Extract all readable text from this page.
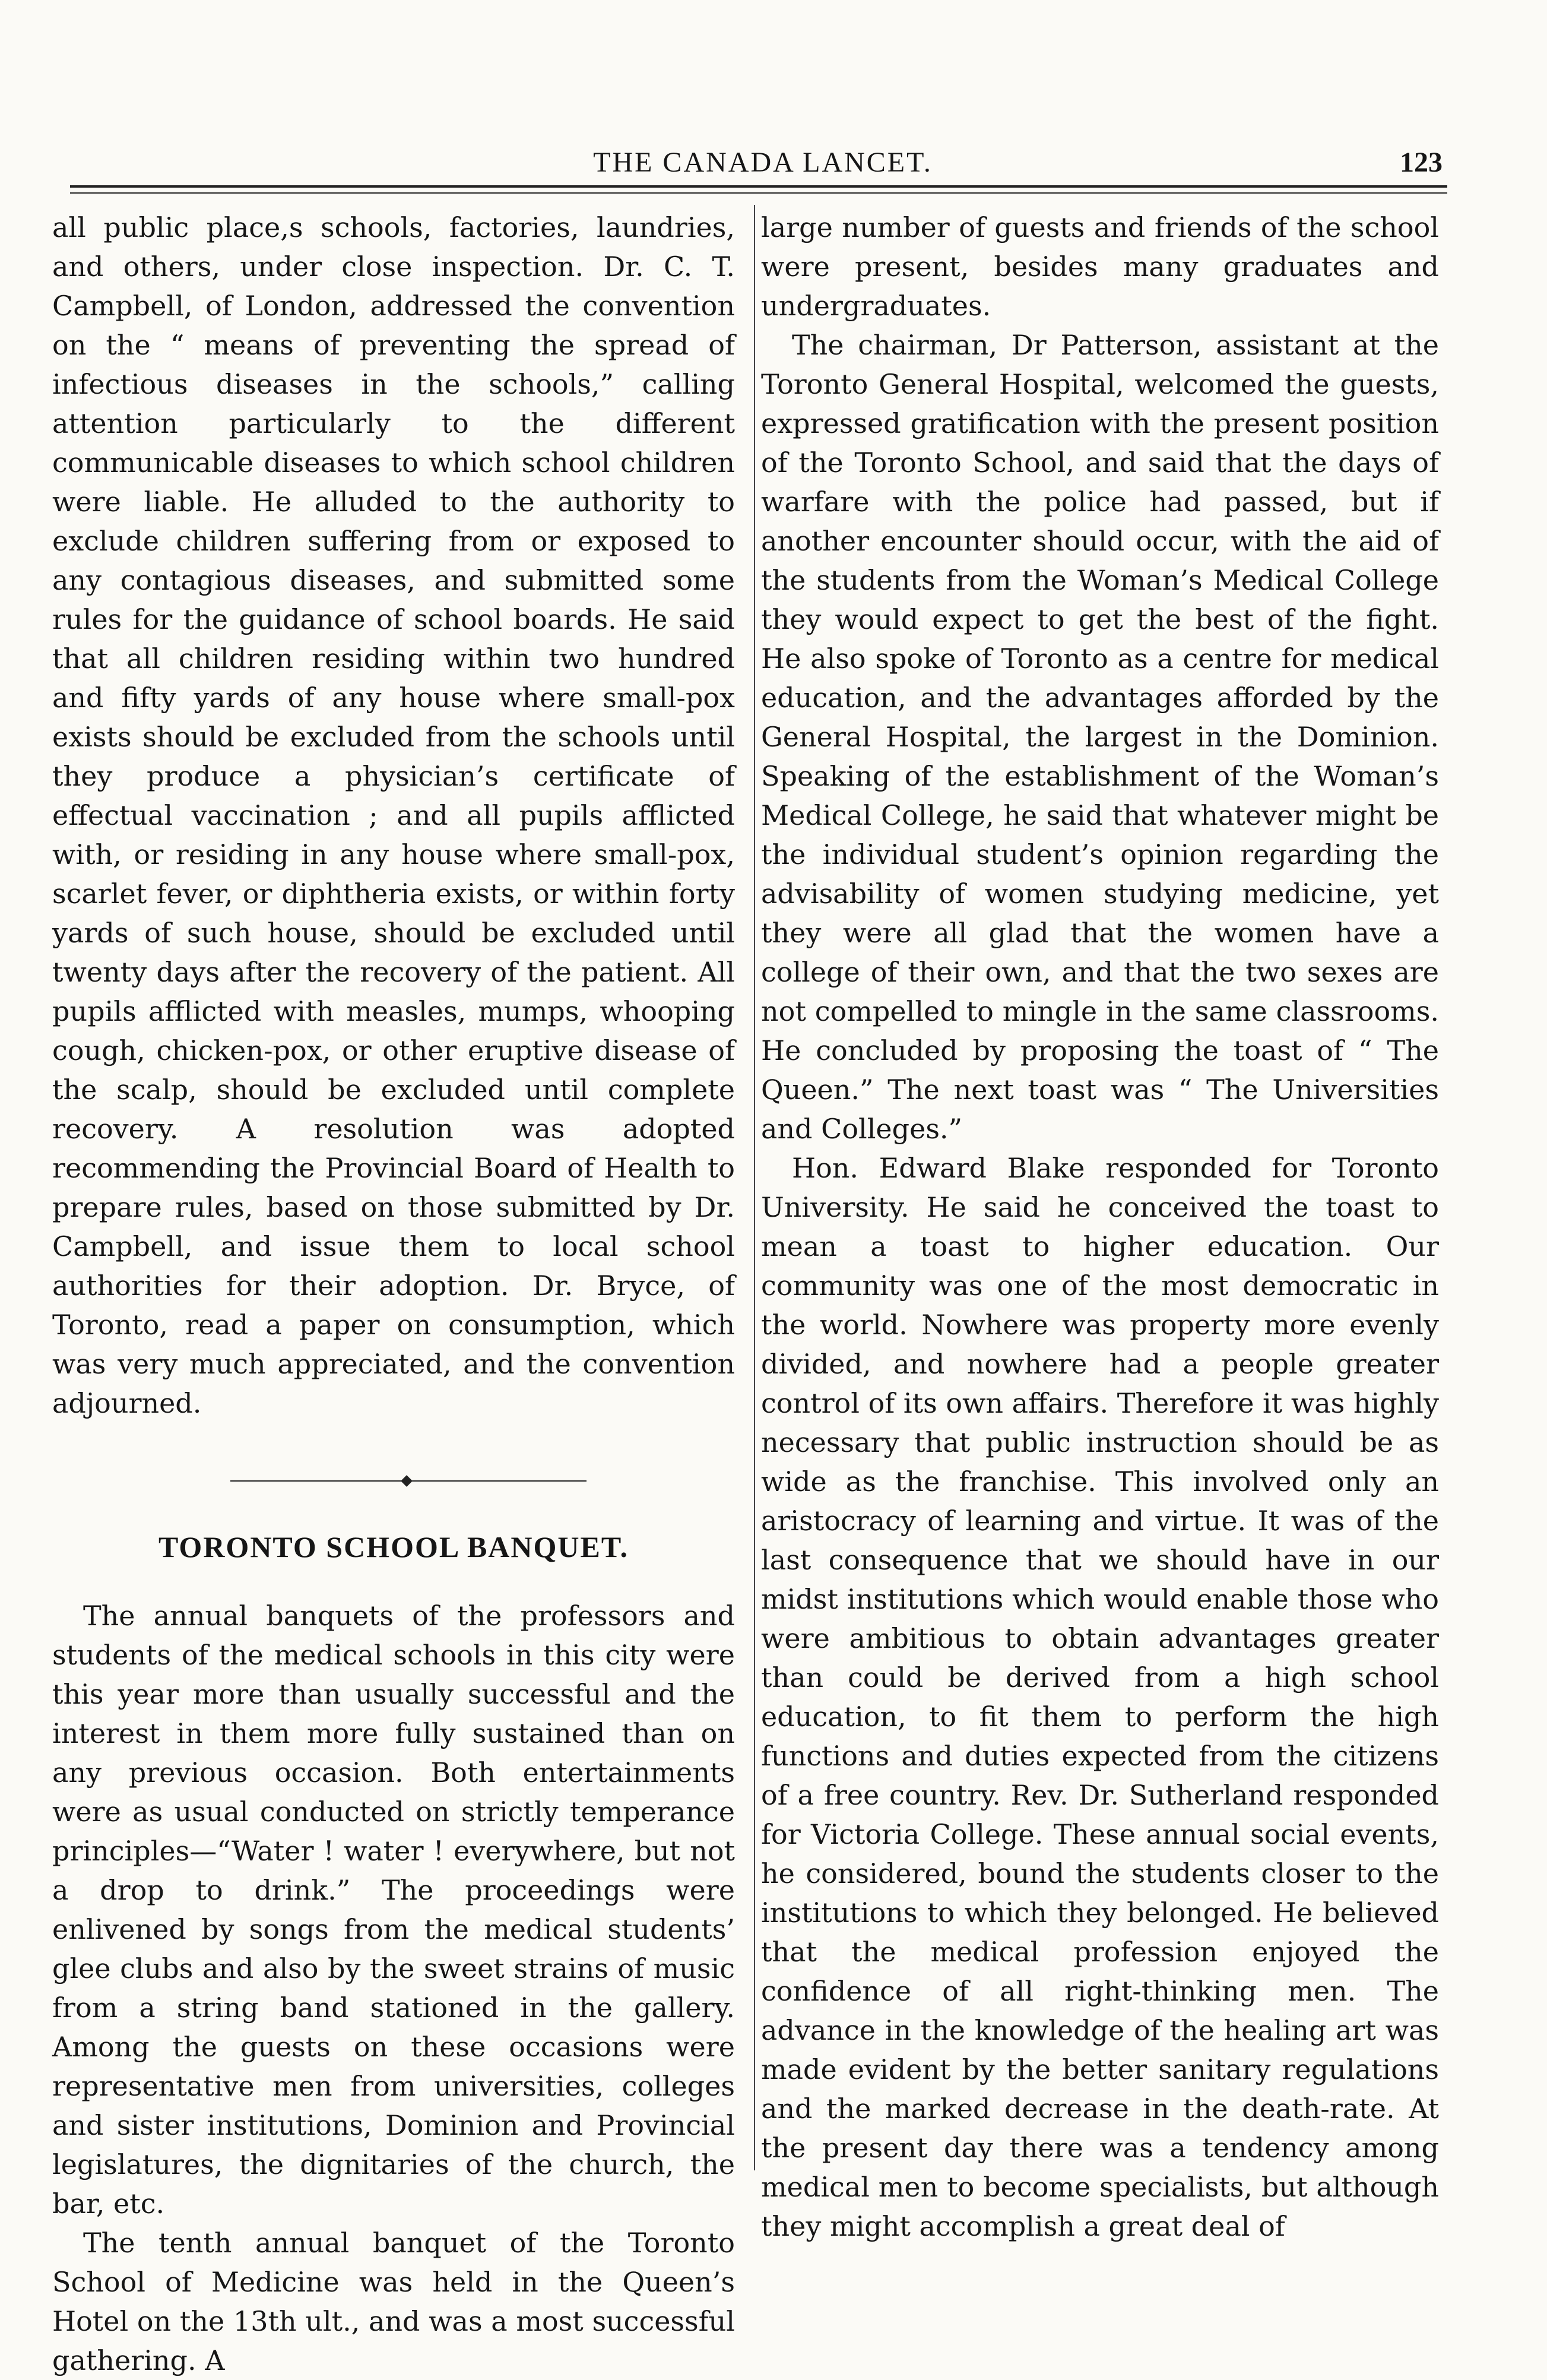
THE CANADA LANCET.	123

all public place,s schools, factories, laundries, and others, under close inspection. Dr. C. T. Campbell, of London, addressed the convention on the “ means of preventing the spread of infectious diseases in the schools,” calling attention particularly to the different communicable diseases to which school children were liable. He alluded to the authority to exclude children suffering from or exposed to any contagious diseases, and submitted some rules for the guidance of school boards. He said that all children residing within two hundred and fifty yards of any house where small-pox exists should be excluded from the schools until they produce a physician’s certificate of effectual vaccination ; and all pupils afflicted with, or residing in any house where small-pox, scarlet fever, or diphtheria exists, or within forty yards of such house, should be excluded until twenty days after the recovery of the patient. All pupils afflicted with measles, mumps, whooping cough, chicken-pox, or other eruptive disease of the scalp, should be excluded until complete recovery. A resolution was adopted recommending the Provincial Board of Health to prepare rules, based on those submitted by Dr. Campbell, and issue them to local school authorities for their adoption. Dr. Bryce, of Toronto, read a paper on consumption, which was very much appreciated, and the convention adjourned.

TORONTO SCHOOL BANQUET.

The annual banquets of the professors and students of the medical schools in this city were this year more than usually successful and the interest in them more fully sustained than on any previous occasion. Both entertainments were as usual conducted on strictly temperance principles—“Water ! water ! everywhere, but not a drop to drink.” The proceedings were enlivened by songs from the medical students’ glee clubs and also by the sweet strains of music from a string band stationed in the gallery. Among the guests on these occasions were representative men from universities, colleges and sister institutions, Dominion and Provincial legislatures, the dignitaries of the church, the bar, etc.

The tenth annual banquet of the Toronto School of Medicine was held in the Queen’s Hotel on the 13th ult., and was a most successful gathering. A

large number of guests and friends of the school were present, besides many graduates and undergraduates.

The chairman, Dr Patterson, assistant at the Toronto General Hospital, welcomed the guests, expressed gratification with the present position of the Toronto School, and said that the days of warfare with the police had passed, but if another encounter should occur, with the aid of the students from the Woman’s Medical College they would expect to get the best of the fight. He also spoke of Toronto as a centre for medical education, and the advantages afforded by the General Hospital, the largest in the Dominion. Speaking of the establishment of the Woman’s Medical College, he said that whatever might be the individual student’s opinion regarding the advisability of women studying medicine, yet they were all glad that the women have a college of their own, and that the two sexes are not compelled to mingle in the same classrooms. He concluded by proposing the toast of “ The Queen.” The next toast was “ The Universities and Colleges.”

Hon. Edward Blake responded for Toronto University. He said he conceived the toast to mean a toast to higher education. Our community was one of the most democratic in the world. Nowhere was property more evenly divided, and nowhere had a people greater control of its own affairs. Therefore it was highly necessary that public instruction should be as wide as the franchise. This involved only an aristocracy of learning and virtue. It was of the last consequence that we should have in our midst institutions which would enable those who were ambitious to obtain advantages greater than could be derived from a high school education, to fit them to perform the high functions and duties expected from the citizens of a free country. Rev. Dr. Sutherland responded for Victoria College. These annual social events, he considered, bound the students closer to the institutions to which they belonged. He believed that the medical profession enjoyed the confidence of all right-thinking men. The advance in the knowledge of the healing art was made evident by the better sanitary regulations and the marked decrease in the death-rate. At the present day there was a tendency among medical men to become specialists, but although they might accomplish a great deal of
